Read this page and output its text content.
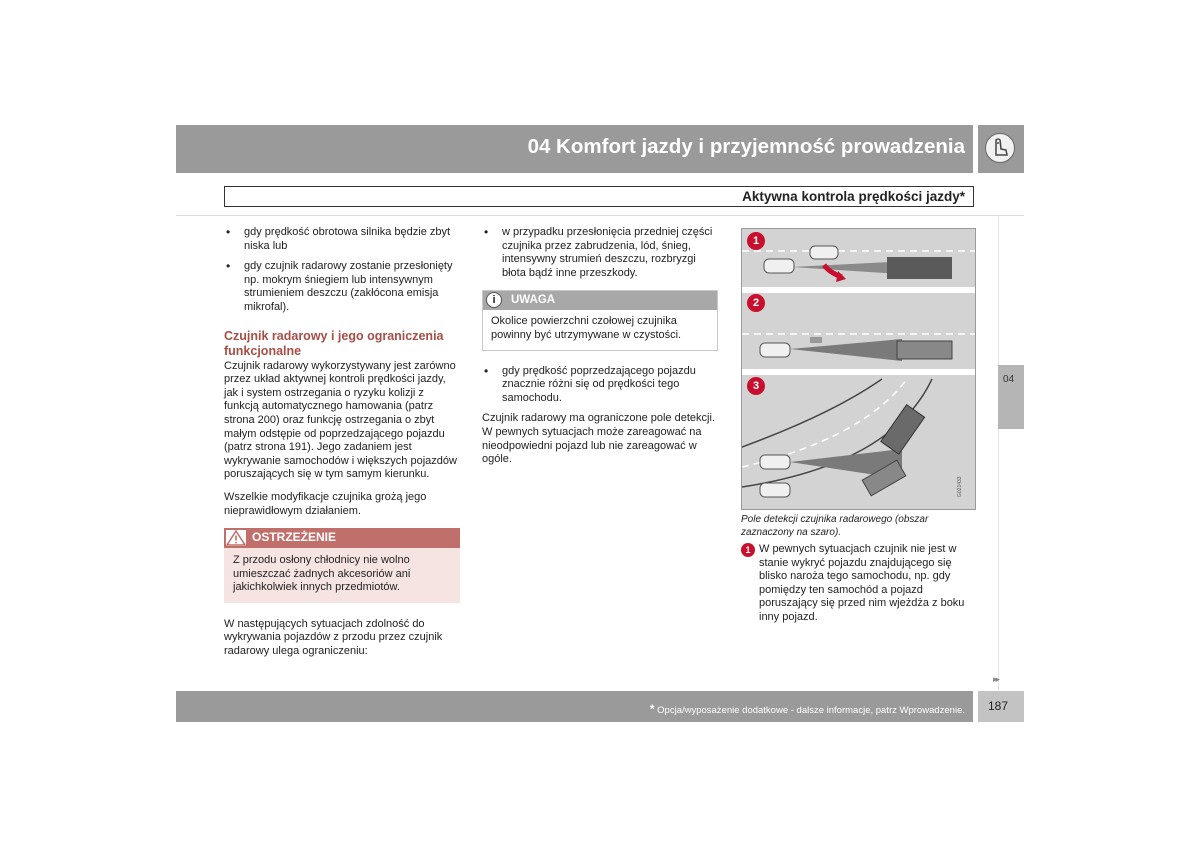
04 Komfort jazdy i przyjemność prowadzenia
Aktywna kontrola prędkości jazdy*
• gdy prędkość obrotowa silnika będzie zbyt niska lub
• gdy czujnik radarowy zostanie przesłonięty np. mokrym śniegiem lub intensywnym strumieniem deszczu (zakłócona emisja mikrofal).
Czujnik radarowy i jego ograniczenia funkcjonalne

Czujnik radarowy wykorzystywany jest zarówno przez układ aktywnej kontroli prędkości jazdy, jak i system ostrzegania o ryzyku kolizji z funkcją automatycznego hamowania (patrz strona 200) oraz funkcję ostrzegania o zbyt małym odstępie od poprzedzającego pojazdu (patrz strona 191). Jego zadaniem jest wykrywanie samochodów i większych pojazdów poruszających się w tym samym kierunku.

Wszelkie modyfikacje czujnika grożą jego nieprawidłowym działaniem.

OSTRZEŻENIE
Z przodu osłony chłodnicy nie wolno umieszczać żadnych akcesoriów ani jakichkolwiek innych przedmiotów.

W następujących sytuacjach zdolność do wykrywania pojazdów z przodu przez czujnik radarowy ulega ograniczeniu:

• w przypadku przesłonięcia przedniej części czujnika przez zabrudzenia, lód, śnieg, intensywny strumień deszczu, rozbryzgi błota bądź inne przeszkody.
i	UWAGA
Okolice powierzchni czołowej czujnika powinny być utrzymywane w czystości.
• gdy prędkość poprzedzającego pojazdu znacznie różni się od prędkości tego samochodu.

Czujnik radarowy ma ograniczone pole detekcji. W pewnych sytuacjach może zareagować na nieodpowiedni pojazd lub nie zareagować w ogóle.

G021433
1
2
3
Pole detekcji czujnika radarowego (obszar zaznaczony na szaro).
1 W pewnych sytuacjach czujnik nie jest w stanie wykryć pojazdu znajdującego się blisko naroża tego samochodu, np. gdy pomiędzy ten samochód a pojazd poruszający się przed nim wjeżdża z boku inny pojazd.
04
▸▸
* Opcja/wyposażenie dodatkowe - dalsze informacje, patrz Wprowadzenie. 187
